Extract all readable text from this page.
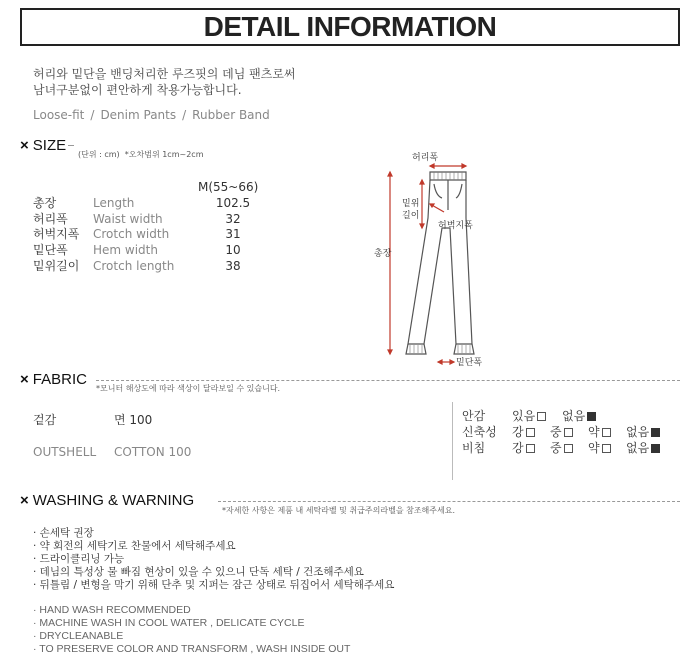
DETAIL INFORMATION
허리와 밑단을 밴딩처리한 루즈핏의 데님 팬츠로써
남녀구분없이 편안하게 착용가능합니다.
Loose-fit / Denim Pants / Rubber Band
× SIZE
(단위 : cm) *오차범위 1cm~2cm
M(55~66)
총장	Length	102.5
허리폭	Waist width	32
허벅지폭	Crotch width	31
밑단폭	Hem width	10
밑위길이	Crotch length	38
허리폭
총장
밑위
길이
허벅지폭
밑단폭
× FABRIC
*모니터 해상도에 따라 색상이 달라보일 수 있습니다.
겉감	면 100
OUTSHELL COTTON 100
안감 있음	없음
신축성 강	중	약	없음
비침 강	중	약	없음
× WASHING & WARNING
*자세한 사항은 제품 내 세탁라벨 및 취급주의라벨을 참조해주세요.
· 손세탁 권장
· 약 회전의 세탁기로 찬물에서 세탁해주세요
· 드라이클리닝 가능
· 데님의 특성상 물 빠짐 현상이 있을 수 있으니 단독 세탁 / 건조해주세요
· 뒤틀림 / 변형을 막기 위해 단추 및 지퍼는 잠근 상태로 뒤집어서 세탁해주세요
· HAND WASH RECOMMENDED
· MACHINE WASH IN COOL WATER , DELICATE CYCLE
· DRYCLEANABLE
· TO PRESERVE COLOR AND TRANSFORM , WASH INSIDE OUT
